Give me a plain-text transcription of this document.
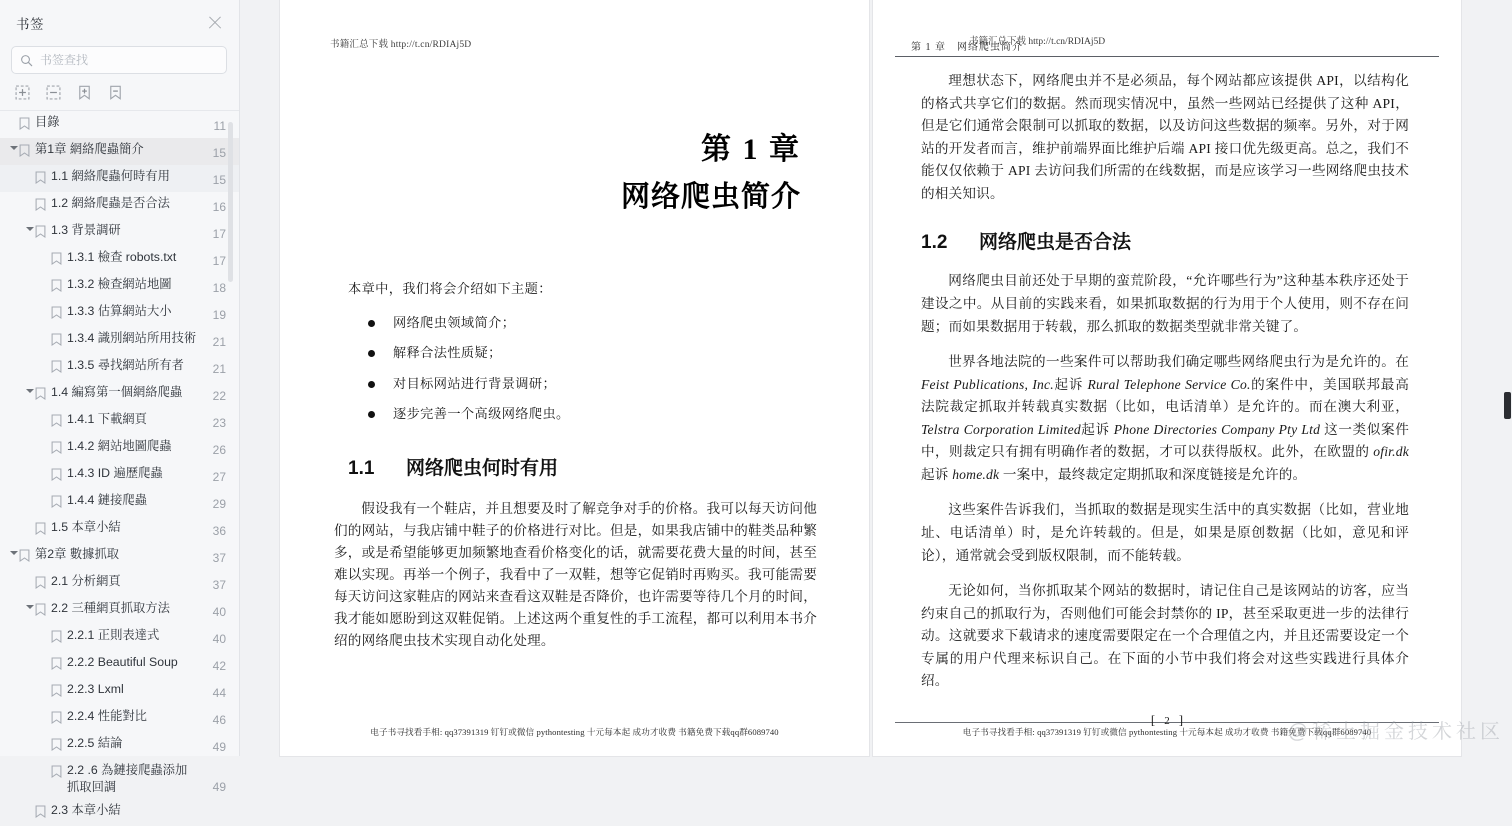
书签
书签查找
目錄	11
第1章 網絡爬蟲簡介	15
1.1 網絡爬蟲何時有用	15
1.2 網絡爬蟲是否合法	16
1.3 背景調研	17
1.3.1 檢查 robots.txt	17
1.3.2 檢查網站地圖	18
1.3.3 估算網站大小	19
1.3.4 識別網站所用技術	21
1.3.5 尋找網站所有者	21
1.4 編寫第一個網絡爬蟲	22
1.4.1 下載網頁	23
1.4.2 網站地圖爬蟲	26
1.4.3 ID 遍歷爬蟲	27
1.4.4 鏈接爬蟲	29
1.5 本章小結	36
第2章 數據抓取	37
2.1 分析網頁	37
2.2 三種網頁抓取方法	40
2.2.1 正則表達式	40
2.2.2 Beautiful Soup	42
2.2.3 Lxml	44
2.2.4 性能對比	46
2.2.5 結論	49
2.2 .6 為鏈接爬蟲添加抓取回調	49
2.3 本章小結
书籍汇总下载 http://t.cn/RDIAj5D
第 1 章
网络爬虫简介

本章中，我们将会介绍如下主题：

网络爬虫领域简介；
解释合法性质疑；
对目标网站进行背景调研；
逐步完善一个高级网络爬虫。
1.1 网络爬虫何时有用

假设我有一个鞋店，并且想要及时了解竞争对手的价格。我可以每天访问他们的网站，与我店铺中鞋子的价格进行对比。但是，如果我店铺中的鞋类品种繁多，或是希望能够更加频繁地查看价格变化的话，就需要花费大量的时间，甚至难以实现。再举一个例子，我看中了一双鞋，想等它促销时再购买。我可能需要每天访问这家鞋店的网站来查看这双鞋是否降价，也许需要等待几个月的时间，我才能如愿盼到这双鞋促销。上述这两个重复性的手工流程，都可以利用本书介绍的网络爬虫技术实现自动化处理。

电子书寻找看手相: qq37391319 钉钉或微信 pythontesting 十元每本起 成功才收费 书籍免费下载qq群6089740
第 1 章　网络爬虫简介
书籍汇总下载 http://t.cn/RDIAj5D

理想状态下，网络爬虫并不是必须品，每个网站都应该提供 API，以结构化的格式共享它们的数据。然而现实情况中，虽然一些网站已经提供了这种 API，但是它们通常会限制可以抓取的数据，以及访问这些数据的频率。另外，对于网站的开发者而言，维护前端界面比维护后端 API 接口优先级更高。总之，我们不能仅仅依赖于 API 去访问我们所需的在线数据，而是应该学习一些网络爬虫技术的相关知识。

1.2 网络爬虫是否合法

网络爬虫目前还处于早期的蛮荒阶段，“允许哪些行为”这种基本秩序还处于建设之中。从目前的实践来看，如果抓取数据的行为用于个人使用，则不存在问题；而如果数据用于转载，那么抓取的数据类型就非常关键了。

世界各地法院的一些案件可以帮助我们确定哪些网络爬虫行为是允许的。在 Feist Publications, Inc.起诉 Rural Telephone Service Co.的案件中，美国联邦最高法院裁定抓取并转载真实数据（比如，电话清单）是允许的。而在澳大利亚，Telstra Corporation Limited起诉 Phone Directories Company Pty Ltd 这一类似案件中，则裁定只有拥有明确作者的数据，才可以获得版权。此外，在欧盟的 ofir.dk 起诉 home.dk 一案中，最终裁定定期抓取和深度链接是允许的。

这些案件告诉我们，当抓取的数据是现实生活中的真实数据（比如，营业地址、电话清单）时，是允许转载的。但是，如果是原创数据（比如，意见和评论），通常就会受到版权限制，而不能转载。

无论如何，当你抓取某个网站的数据时，请记住自己是该网站的访客，应当约束自己的抓取行为，否则他们可能会封禁你的 IP，甚至采取更进一步的法律行动。这就要求下载请求的速度需要限定在一个合理值之内，并且还需要设定一个专属的用户代理来标识自己。在下面的小节中我们将会对这些实践进行具体介绍。

[ 2 ]
电子书寻找看手相: qq37391319 钉钉或微信 pythontesting 十元每本起 成功才收费 书籍免费下载qq群6089740
@稀土掘金技术社区
